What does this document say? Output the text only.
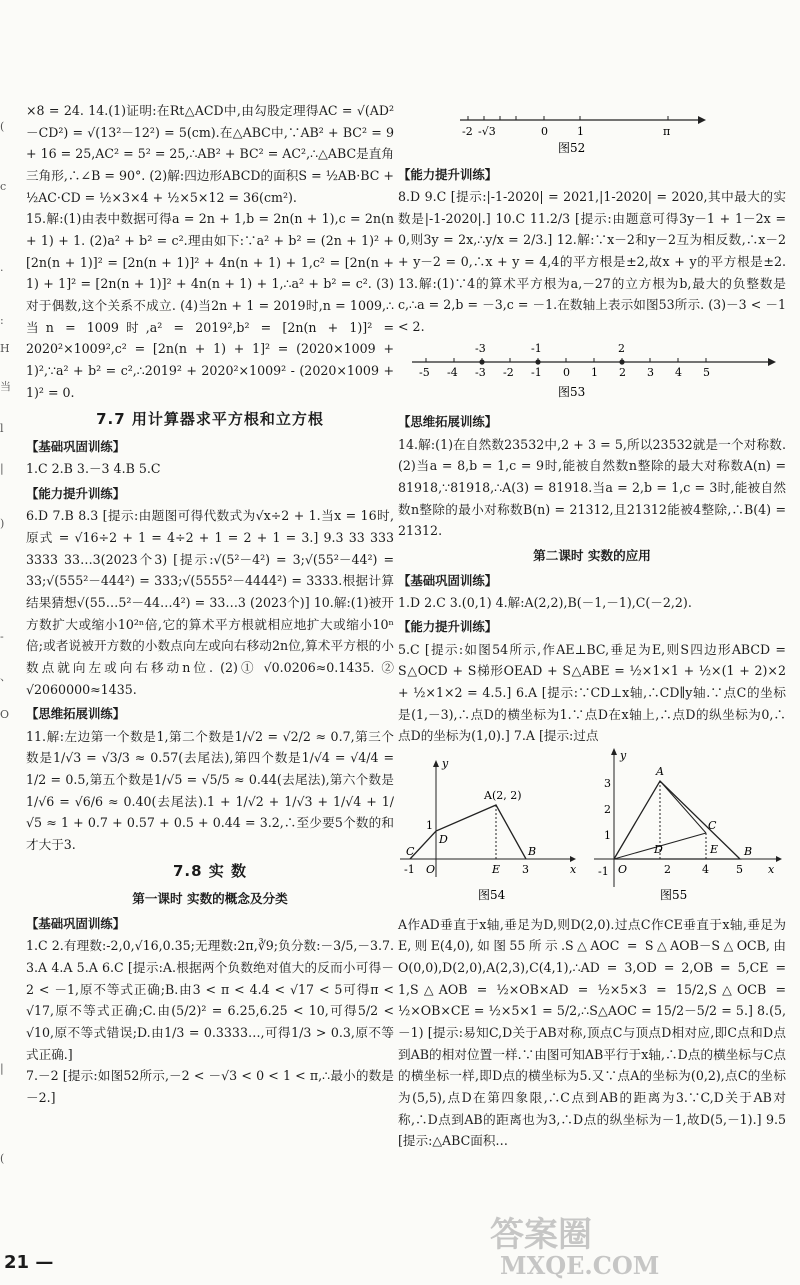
(
c
·
:
H
当
l
|
)
-
、
O
|
(

×8 = 24. 14.(1)证明:在Rt△ACD中,由勾股定理得AC = √(AD²－CD²) = √(13²－12²) = 5(cm).在△ABC中,∵AB² + BC² = 9 + 16 = 25,AC² = 5² = 25,∴AB² + BC² = AC²,∴△ABC是直角三角形,∴∠B = 90°. (2)解:四边形ABCD的面积S = ½AB·BC + ½AC·CD = ½×3×4 + ½×5×12 = 36(cm²).

15.解:(1)由表中数据可得a = 2n + 1,b = 2n(n + 1),c = 2n(n + 1) + 1. (2)a² + b² = c².理由如下:∵a² + b² = (2n + 1)² + [2n(n + 1)]² = [2n(n + 1)]² + 4n(n + 1) + 1,c² = [2n(n + 1) + 1]² = [2n(n + 1)]² + 4n(n + 1) + 1,∴a² + b² = c². (3)对于偶数,这个关系不成立. (4)当2n + 1 = 2019时,n = 1009,∴当n = 1009时,a² = 2019²,b² = [2n(n + 1)]² = 2020²×1009²,c² = [2n(n + 1) + 1]² = (2020×1009 + 1)²,∵a² + b² = c²,∴2019² + 2020²×1009² - (2020×1009 + 1)² = 0.

7.7 用计算器求平方根和立方根
【基础巩固训练】

1.C 2.B 3.－3 4.B 5.C

【能力提升训练】

6.D 7.B 8.3 [提示:由题图可得代数式为√x÷2 + 1.当x = 16时,原式 = √16÷2 + 1 = 4÷2 + 1 = 2 + 1 = 3.] 9.3 33 333 3333 33…3(2023个3) [提示:√(5²－4²) = 3;√(55²－44²) = 33;√(555²－444²) = 333;√(5555²－4444²) = 3333.根据计算结果猜想√(55…5²－44…4²) = 33…3 (2023个)] 10.解:(1)被开方数扩大或缩小10²ⁿ倍,它的算术平方根就相应地扩大或缩小10ⁿ倍;或者说被开方数的小数点向左或向右移动2n位,算术平方根的小数点就向左或向右移动n位. (2)① √0.0206≈0.1435. ② √2060000≈1435.

【思维拓展训练】

11.解:左边第一个数是1,第二个数是1/√2 = √2/2 ≈ 0.7,第三个数是1/√3 = √3/3 ≈ 0.57(去尾法),第四个数是1/√4 = √4/4 = 1/2 = 0.5,第五个数是1/√5 = √5/5 ≈ 0.44(去尾法),第六个数是1/√6 = √6/6 ≈ 0.40(去尾法).1 + 1/√2 + 1/√3 + 1/√4 + 1/√5 ≈ 1 + 0.7 + 0.57 + 0.5 + 0.44 = 3.2,∴至少要5个数的和才大于3.

7.8 实 数
第一课时 实数的概念及分类
【基础巩固训练】

1.C 2.有理数:-2,0,√16,0.35;无理数:2π,∛9;负分数:－3/5,－3.7. 3.A 4.A 5.A 6.C [提示:A.根据两个负数绝对值大的反而小可得－2 < －1,原不等式正确;B.由3 < π < 4.4 < √17 < 5可得π < √17,原不等式正确;C.由(5/2)² = 6.25,6.25 < 10,可得5/2 < √10,原不等式错误;D.由1/3 = 0.3333…,可得1/3 > 0.3,原不等式正确.]

7.－2 [提示:如图52所示,－2 < －√3 < 0 < 1 < π,∴最小的数是－2.]

-2 -√3	0	1	π
图52
【能力提升训练】

8.D 9.C [提示:|-1-2020| = 2021,|1-2020| = 2020,其中最大的实数是|-1-2020|.] 10.C 11.2/3 [提示:由题意可得3y－1 + 1－2x = 0,则3y = 2x,∴y/x = 2/3.] 12.解:∵x－2和y－2互为相反数,∴x－2 + y－2 = 0,∴x + y = 4,4的平方根是±2,故x + y的平方根是±2. 13.解:(1)∵4的算术平方根为a,－27的立方根为b,最大的负整数是c,∴a = 2,b = －3,c = －1.在数轴上表示如图53所示. (3)－3 < －1 < 2.

-3	-1	2
-5 -4 -3 -2 -1 0 1 2 3 4 5
图53
【思维拓展训练】

14.解:(1)在自然数23532中,2 + 3 = 5,所以23532就是一个对称数. (2)当a = 8,b = 1,c = 9时,能被自然数n整除的最大对称数A(n) = 81918,∵81918,∴A(3) = 81918.当a = 2,b = 1,c = 3时,能被自然数n整除的最小对称数B(n) = 21312,且21312能被4整除,∴B(4) = 21312.

第二课时 实数的应用
【基础巩固训练】

1.D 2.C 3.(0,1) 4.解:A(2,2),B(－1,－1),C(－2,2).

【能力提升训练】

5.C [提示:如图54所示,作AE⊥BC,垂足为E,则S四边形ABCD = S△OCD + S梯形OEAD + S△ABE = ½×1×1 + ½×(1 + 2)×2 + ½×1×2 = 4.5.] 6.A [提示:∵CD⊥x轴,∴CD∥y轴.∵点C的坐标是(1,－3),∴点D的横坐标为1.∵点D在x轴上,∴点D的纵坐标为0,∴点D的坐标为(1,0).] 7.A [提示:过点

y
A(2, 2)
1
D
C	B
-1 O	E 3	x
图54
y
A
3
2
1
C
D	E B
-1 O	2	4 5 x
图55

A作AD垂直于x轴,垂足为D,则D(2,0).过点C作CE垂直于x轴,垂足为E,则E(4,0),如图55所示.S△AOC = S△AOB－S△OCB,由O(0,0),D(2,0),A(2,3),C(4,1),∴AD = 3,OD = 2,OB = 5,CE = 1,S△AOB = ½×OB×AD = ½×5×3 = 15/2,S△OCB = ½×OB×CE = ½×5×1 = 5/2,∴S△AOC = 15/2－5/2 = 5.] 8.(5,－1) [提示:易知C,D关于AB对称,顶点C与顶点D相对应,即C点和D点到AB的相对位置一样.∵由图可知AB平行于x轴,∴D点的横坐标与C点的横坐标一样,即D点的横坐标为5.又∵点A的坐标为(0,2),点C的坐标为(5,5),点D在第四象限,∴C点到AB的距离为3.∵C,D关于AB对称,∴D点到AB的距离也为3,∴D点的纵坐标为－1,故D(5,－1).] 9.5 [提示:△ABC面积…

21 —
答案圈
MXQE.COM
